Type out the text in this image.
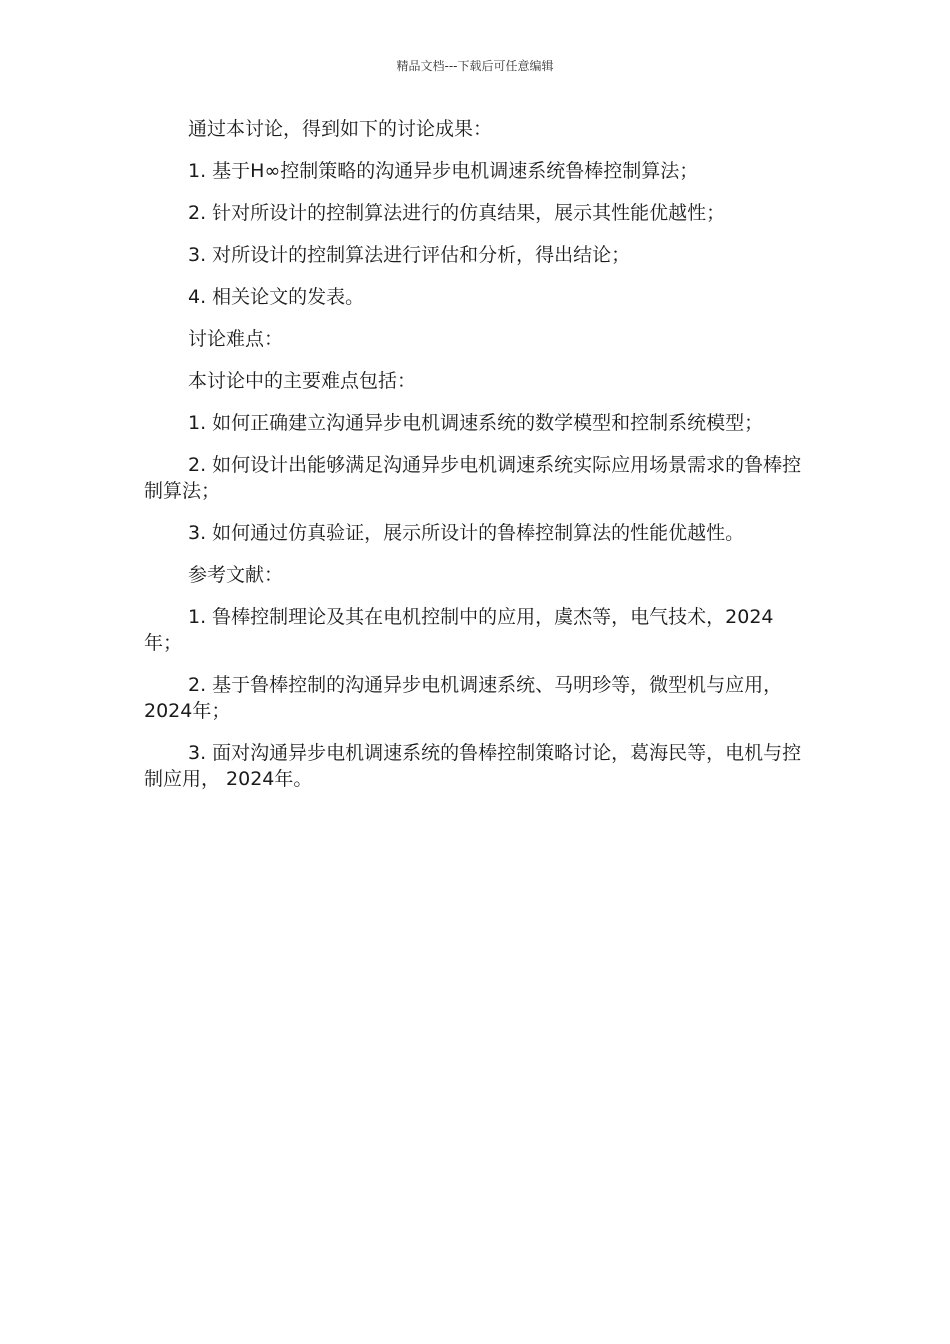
精品文档---下载后可任意编辑

通过本讨论，得到如下的讨论成果：

1. 基于H∞控制策略的沟通异步电机调速系统鲁棒控制算法；

2. 针对所设计的控制算法进行的仿真结果，展示其性能优越性；

3. 对所设计的控制算法进行评估和分析，得出结论；

4. 相关论文的发表。

讨论难点：

本讨论中的主要难点包括：

1. 如何正确建立沟通异步电机调速系统的数学模型和控制系统模型；

2. 如何设计出能够满足沟通异步电机调速系统实际应用场景需求的鲁棒控制算法；

3. 如何通过仿真验证，展示所设计的鲁棒控制算法的性能优越性。

参考文献：

1. 鲁棒控制理论及其在电机控制中的应用，虞杰等，电气技术，2024年；

2. 基于鲁棒控制的沟通异步电机调速系统、马明珍等，微型机与应用，2024年；

3. 面对沟通异步电机调速系统的鲁棒控制策略讨论，葛海民等，电机与控制应用， 2024年。
